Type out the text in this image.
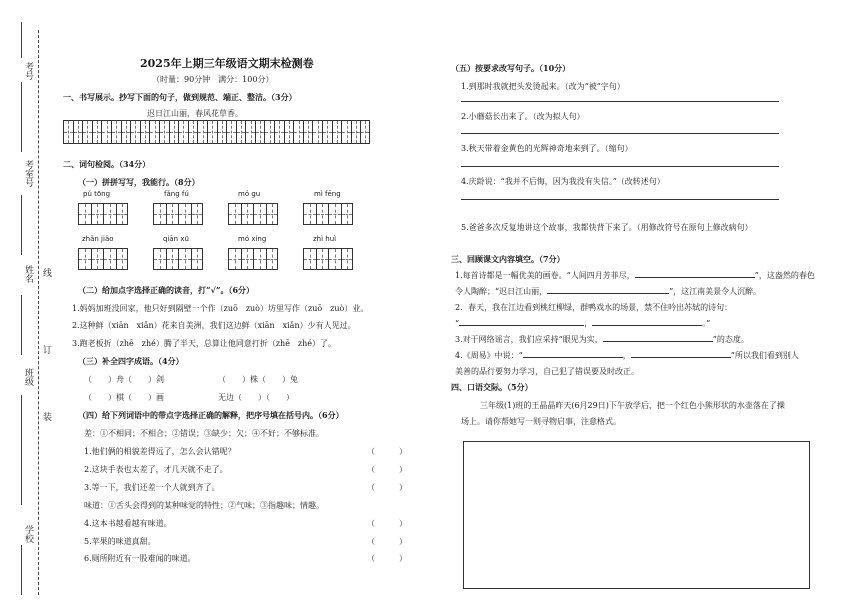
考号
考室号
姓名 线
订
班级
装
学校
2025年上期三年级语文期末检测卷
（时量：90分钟　满分：100分）
一、书写展示。抄写下面的句子，做到规范、端正、整洁。（3分）
迟日江山丽，春风花草香。
二、词句检阅。（34分）
（一）拼拼写写，我能行。（8分）
pǔ tōng	fǎng fú	mó gu	mì fēng
zhǎn jiǎo	qiān xū	mó xíng	zhì huì
（二）给加点字选择正确的读音，打“√”。（6分）
1.妈妈加班没回家，他只好到隔壁一个作（zuō　zuò）坊里写作（zuō　zuò）业。
2.这种鲜（xiān　xiǎn）花来自美洲，我们这边鲜（xiān　xiǎn）少有人见过。
3.跑老板折（zhē　zhé）腾了半天，总算让他同意打折（zhē　zhé）了。
（三）补全四字成语。（4分）
（　　）舟（　　）剑	（　　）株（　　）兔
（　　）棋（　　）画	无边（　　）（　　）
（四）给下列词语中的带点字选择正确的解释，把序号填在括号内。（6分）
差：①不相同；不相合；②错误；③缺少；欠；④不好；不够标准。
1.他们俩的相貌差得远了，怎么会认错呢？	（　　　）
2.这块手表也太差了，才几天就不走了。	（　　　）
3.等一下，我们还差一个人就到齐了。	（　　　）
味道：①舌头会得到的某种味觉的特性；②气味；③指趣味；情趣。
4.这本书越看越有味道。	（　　　）
5.苹果的味道真甜。	（　　　）
6.厕所附近有一股难闻的味道。	（　　　）
（五）按要求改写句子。（10分）
1.到那时我就把头发烫起来。（改为“被”字句）
2.小蘑菇长出来了。（改为拟人句）
3.秋天带着金黄色的光辉神奇地来到了。（缩句）
4.庆龄说：“我并不后悔，因为我没有失信。”（改转述句）
5.爸爸多次反复地讲这个故事，我都快背下来了。（用修改符号在原句上修改病句）
三、回顾课文内容填空。（7分）
1.每首诗都是一幅优美的画卷。“人间四月芳菲尽，	”，这盎然的春色
令人陶醉；“迟日江山丽，	”，这江南美景令人沉醉。
2．春天，我在江边看到桃红柳绿，群鸭戏水的场景，禁不住吟出苏轼的诗句：
“	，	。”
3.对于网络谣言，我们应采持“眼见为实，	”的态度。
4.《周易》中说：“	，	”所以我们看到别人
美善的品行要努力学习，自己犯了错误要及时改正。
四、口语交际。（5分）
三年级(1)班的王晶晶昨天(6月29日)下午放学后，把一个红色小熊形状的水壶落在了操
场上。请你帮她写一则寻物启事，注意格式。
